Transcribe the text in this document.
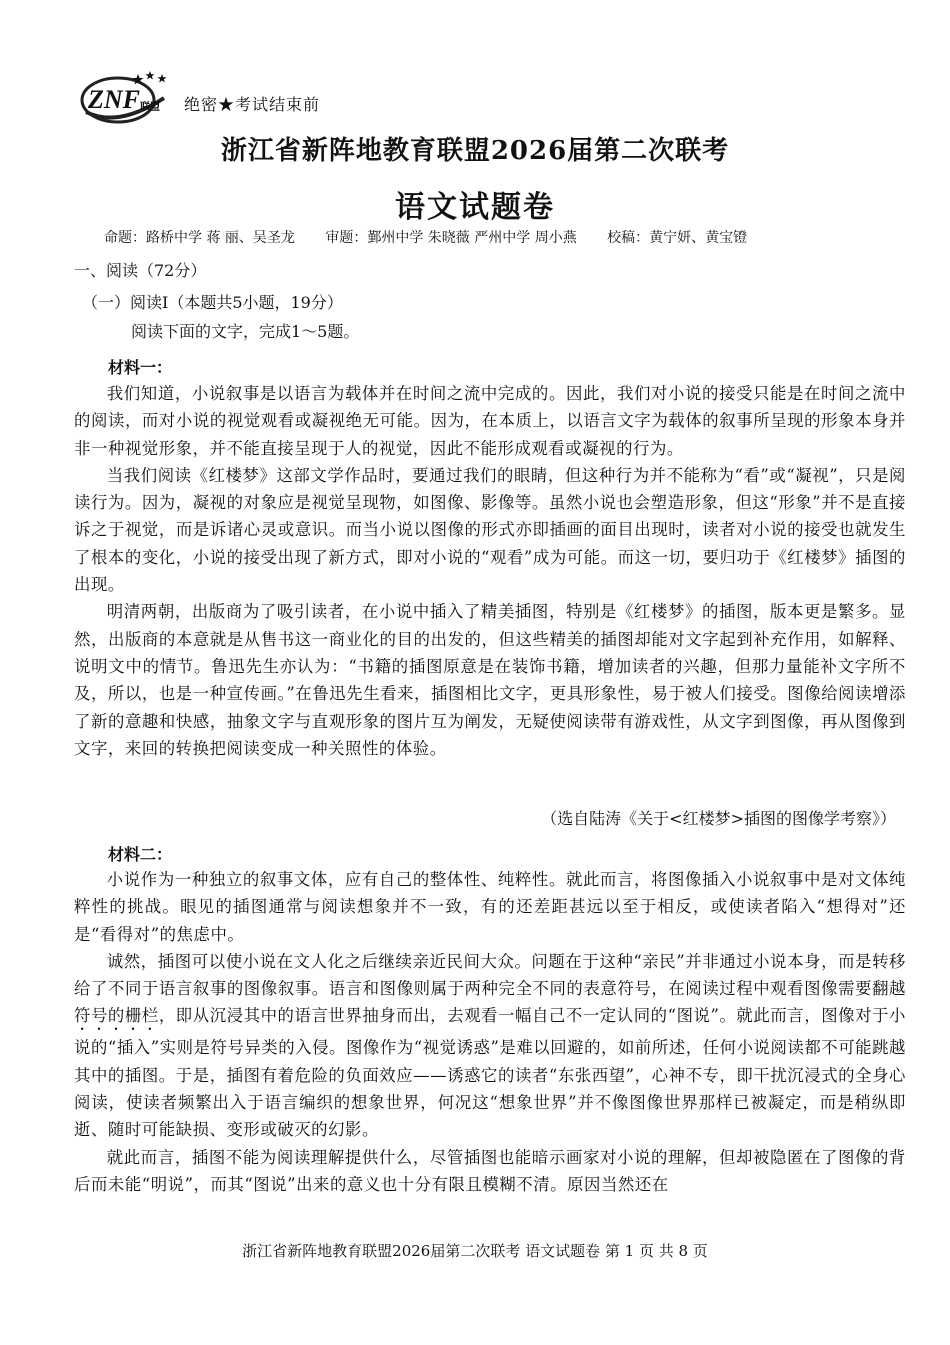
ZNF 联盟 绝密★考试结束前
浙江省新阵地教育联盟2026届第二次联考
语文试题卷
命题：路桥中学 蒋 丽、吴圣龙 审题：鄞州中学 朱晓薇 严州中学 周小燕 校稿：黄宁妍、黄宝镫
一、阅读（72分）
（一）阅读Ⅰ（本题共5小题，19分）
阅读下面的文字，完成1～5题。
材料一：

我们知道，小说叙事是以语言为载体并在时间之流中完成的。因此，我们对小说的接受只能是在时间之流中的阅读，而对小说的视觉观看或凝视绝无可能。因为，在本质上，以语言文字为载体的叙事所呈现的形象本身并非一种视觉形象，并不能直接呈现于人的视觉，因此不能形成观看或凝视的行为。

当我们阅读《红楼梦》这部文学作品时，要通过我们的眼睛，但这种行为并不能称为“看”或“凝视”，只是阅读行为。因为，凝视的对象应是视觉呈现物，如图像、影像等。虽然小说也会塑造形象，但这“形象”并不是直接诉之于视觉，而是诉诸心灵或意识。而当小说以图像的形式亦即插画的面目出现时，读者对小说的接受也就发生了根本的变化，小说的接受出现了新方式，即对小说的“观看”成为可能。而这一切，要归功于《红楼梦》插图的出现。

明清两朝，出版商为了吸引读者，在小说中插入了精美插图，特别是《红楼梦》的插图，版本更是繁多。显然，出版商的本意就是从售书这一商业化的目的出发的，但这些精美的插图却能对文字起到补充作用，如解释、说明文中的情节。鲁迅先生亦认为：“书籍的插图原意是在装饰书籍，增加读者的兴趣，但那力量能补文字所不及，所以，也是一种宣传画。”在鲁迅先生看来，插图相比文字，更具形象性，易于被人们接受。图像给阅读增添了新的意趣和快感，抽象文字与直观形象的图片互为阐发，无疑使阅读带有游戏性，从文字到图像，再从图像到文字，来回的转换把阅读变成一种关照性的体验。

（选自陆涛《关于<红楼梦>插图的图像学考察》）
材料二：

小说作为一种独立的叙事文体，应有自己的整体性、纯粹性。就此而言，将图像插入小说叙事中是对文体纯粹性的挑战。眼见的插图通常与阅读想象并不一致，有的还差距甚远以至于相反，或使读者陷入“想得对”还是“看得对”的焦虑中。

诚然，插图可以使小说在文人化之后继续亲近民间大众。问题在于这种“亲民”并非通过小说本身，而是转移给了不同于语言叙事的图像叙事。语言和图像则属于两种完全不同的表意符号，在阅读过程中观看图像需要翻越符号的栅栏，即从沉浸其中的语言世界抽身而出，去观看一幅自己不一定认同的“图说”。就此而言，图像对于小说的“插入”实则是符号异类的入侵。图像作为“视觉诱惑”是难以回避的，如前所述，任何小说阅读都不可能跳越其中的插图。于是，插图有着危险的负面效应——诱惑它的读者“东张西望”，心神不专，即干扰沉浸式的全身心阅读，使读者频繁出入于语言编织的想象世界，何况这“想象世界”并不像图像世界那样已被凝定，而是稍纵即逝、随时可能缺损、变形或破灭的幻影。

就此而言，插图不能为阅读理解提供什么，尽管插图也能暗示画家对小说的理解，但却被隐匿在了图像的背后而未能“明说”，而其“图说”出来的意义也十分有限且模糊不清。原因当然还在

浙江省新阵地教育联盟2026届第二次联考 语文试题卷 第 1 页 共 8 页
